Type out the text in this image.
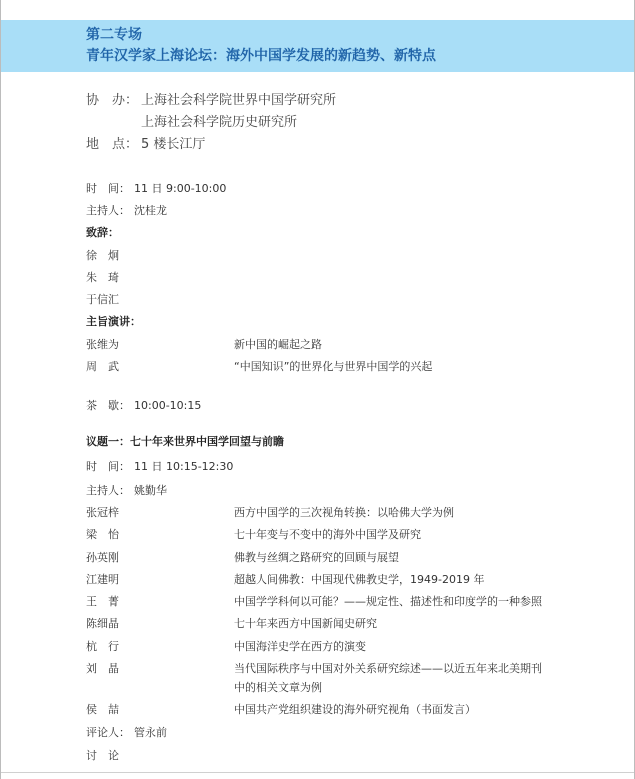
第二专场
青年汉学家上海论坛：海外中国学发展的新趋势、新特点
协　办： 上海社会科学院世界中国学研究所
上海社会科学院历史研究所
地　点： 5 楼长江厅
时　间： 11 日 9:00-10:00
主持人： 沈桂龙
致辞：
徐　炯
朱　琦
于信汇
主旨演讲：
张维为	新中国的崛起之路
周　武	“中国知识”的世界化与世界中国学的兴起
茶　歇： 10:00-10:15
议题一：七十年来世界中国学回望与前瞻
时　间： 11 日 10:15-12:30
主持人： 姚勤华
张冠梓	西方中国学的三次视角转换：以哈佛大学为例
梁　怡	七十年变与不变中的海外中国学及研究
孙英刚	佛教与丝绸之路研究的回顾与展望
江建明	超越人间佛教：中国现代佛教史学，1949-2019 年
王　菁	中国学学科何以可能？——规定性、描述性和印度学的一种参照
陈细晶	七十年来西方中国新闻史研究
杭　行	中国海洋史学在西方的演变
刘　晶	当代国际秩序与中国对外关系研究综述——以近五年来北美期刊
中的相关文章为例
侯　喆	中国共产党组织建设的海外研究视角（书面发言）
评论人： 管永前
讨　论
